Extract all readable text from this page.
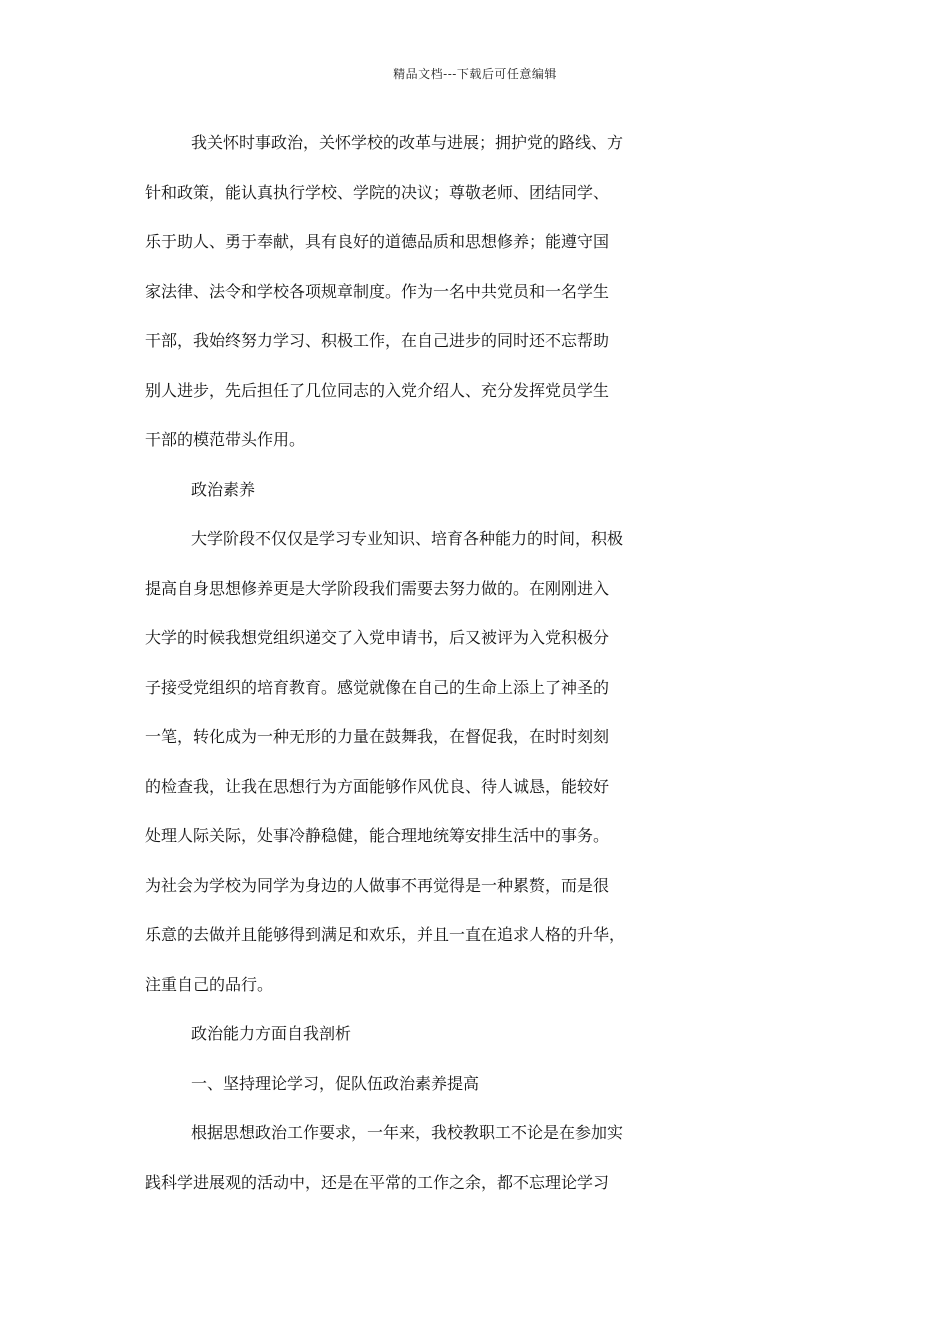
精品文档---下载后可任意编辑
我关怀时事政治，关怀学校的改革与进展；拥护党的路线、方
针和政策，能认真执行学校、学院的决议；尊敬老师、团结同学、
乐于助人、勇于奉献，具有良好的道德品质和思想修养；能遵守国
家法律、法令和学校各项规章制度。作为一名中共党员和一名学生
干部，我始终努力学习、积极工作，在自己进步的同时还不忘帮助
别人进步，先后担任了几位同志的入党介绍人、充分发挥党员学生
干部的模范带头作用。
政治素养
大学阶段不仅仅是学习专业知识、培育各种能力的时间，积极
提高自身思想修养更是大学阶段我们需要去努力做的。在刚刚进入
大学的时候我想党组织递交了入党申请书，后又被评为入党积极分
子接受党组织的培育教育。感觉就像在自己的生命上添上了神圣的
一笔，转化成为一种无形的力量在鼓舞我，在督促我，在时时刻刻
的检查我，让我在思想行为方面能够作风优良、待人诚恳，能较好
处理人际关际，处事冷静稳健，能合理地统筹安排生活中的事务。
为社会为学校为同学为身边的人做事不再觉得是一种累赘，而是很
乐意的去做并且能够得到满足和欢乐，并且一直在追求人格的升华，
注重自己的品行。
政治能力方面自我剖析
一、坚持理论学习，促队伍政治素养提高
根据思想政治工作要求，一年来，我校教职工不论是在参加实
践科学进展观的活动中，还是在平常的工作之余，都不忘理论学习
